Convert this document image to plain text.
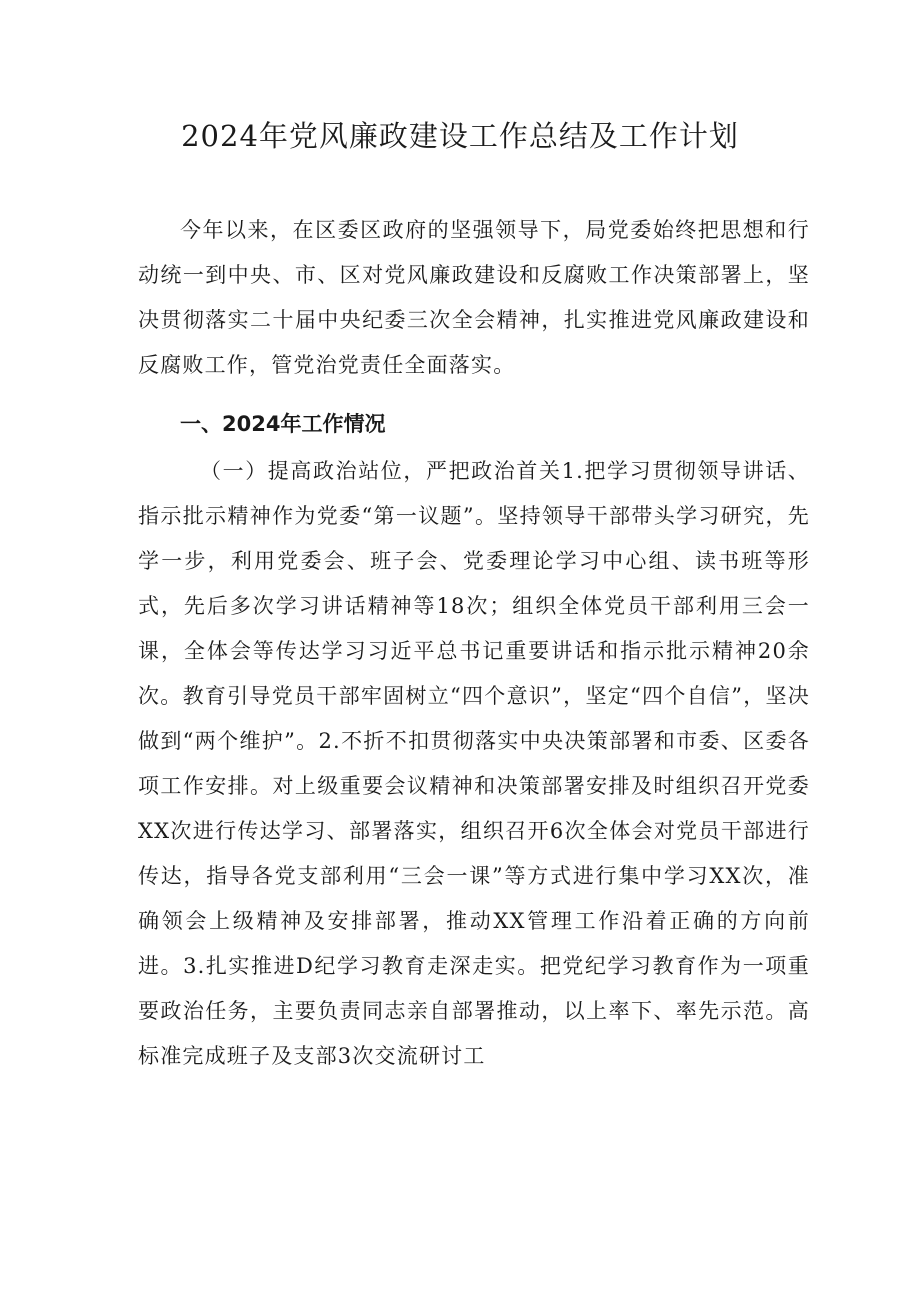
2024年党风廉政建设工作总结及工作计划

今年以来，在区委区政府的坚强领导下，局党委始终把思想和行动统一到中央、市、区对党风廉政建设和反腐败工作决策部署上，坚决贯彻落实二十届中央纪委三次全会精神，扎实推进党风廉政建设和反腐败工作，管党治党责任全面落实。

一、2024年工作情况

（一）提高政治站位，严把政治首关1.把学习贯彻领导讲话、指示批示精神作为党委“第一议题”。坚持领导干部带头学习研究，先学一步，利用党委会、班子会、党委理论学习中心组、读书班等形式，先后多次学习讲话精神等18次；组织全体党员干部利用三会一课，全体会等传达学习习近平总书记重要讲话和指示批示精神20余次。教育引导党员干部牢固树立“四个意识”，坚定“四个自信”，坚决做到“两个维护”。2.不折不扣贯彻落实中央决策部署和市委、区委各项工作安排。对上级重要会议精神和决策部署安排及时组织召开党委XX次进行传达学习、部署落实，组织召开6次全体会对党员干部进行传达，指导各党支部利用“三会一课”等方式进行集中学习XX次，准确领会上级精神及安排部署，推动XX管理工作沿着正确的方向前进。3.扎实推进D纪学习教育走深走实。把党纪学习教育作为一项重要政治任务，主要负责同志亲自部署推动，以上率下、率先示范。高标准完成班子及支部3次交流研讨工
